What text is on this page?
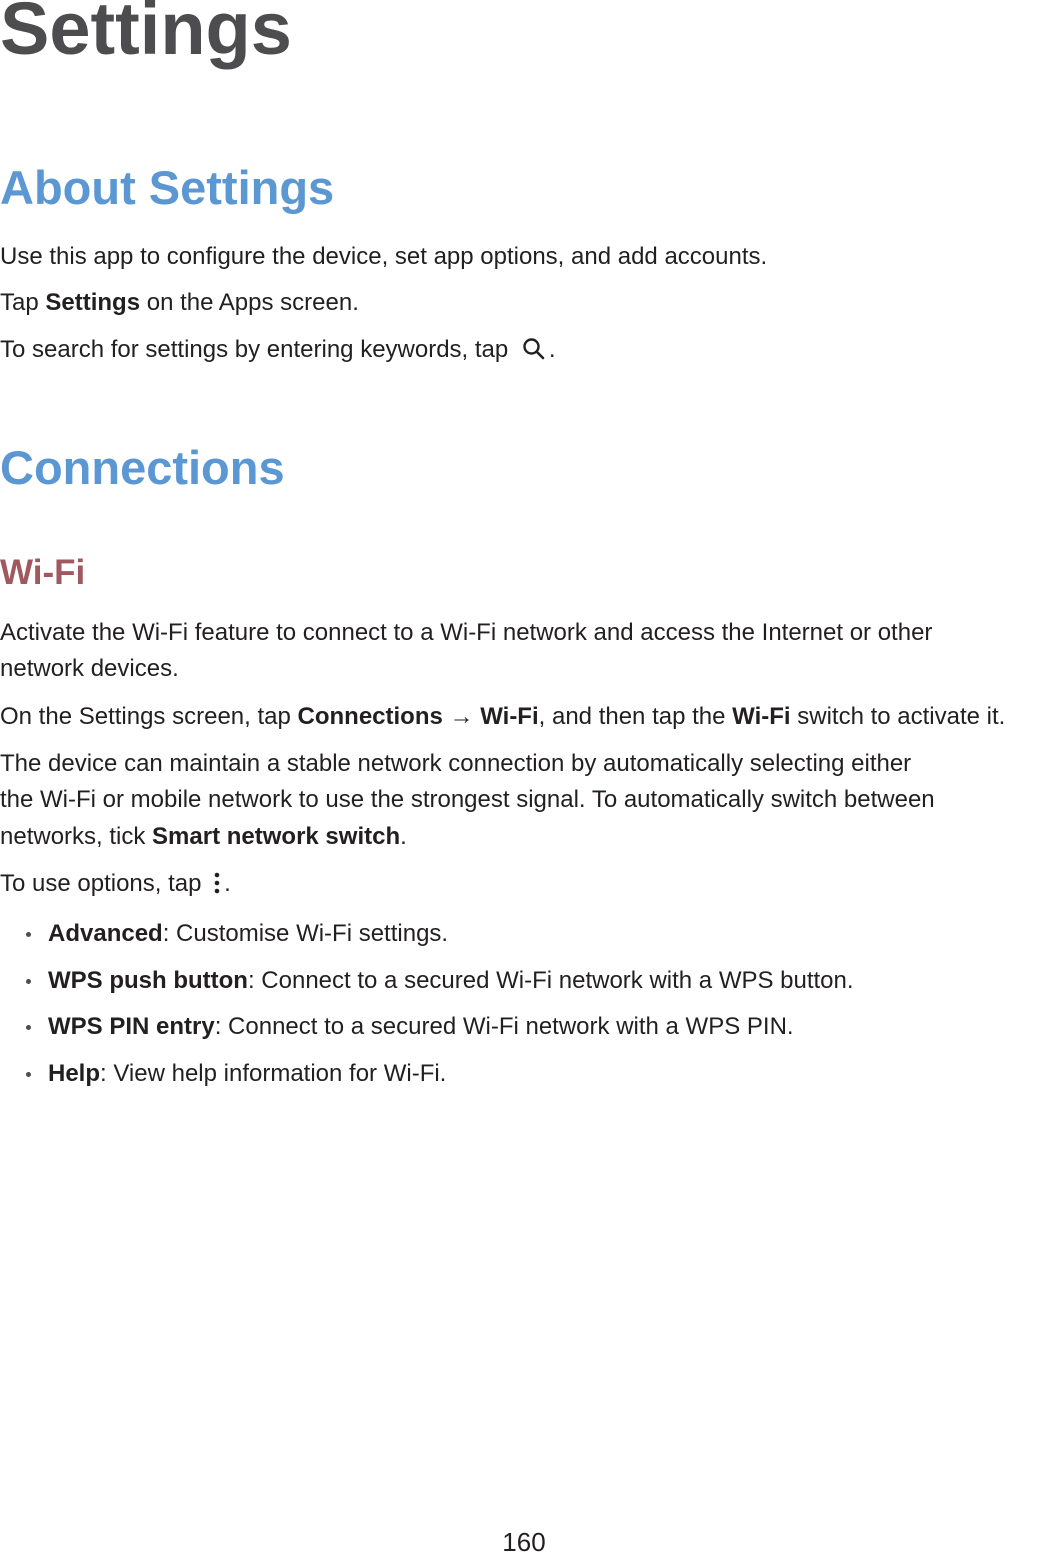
Settings
About Settings
Use this app to configure the device, set app options, and add accounts.
Tap Settings on the Apps screen.
To search for settings by entering keywords, tap .
Connections
Wi-Fi
Activate the Wi-Fi feature to connect to a Wi-Fi network and access the Internet or other
network devices.
On the Settings screen, tap Connections → Wi-Fi, and then tap the Wi-Fi switch to activate it.
The device can maintain a stable network connection by automatically selecting either
the Wi-Fi or mobile network to use the strongest signal. To automatically switch between
networks, tick Smart network switch.
To use options, tap .
Advanced: Customise Wi-Fi settings.
WPS push button: Connect to a secured Wi-Fi network with a WPS button.
WPS PIN entry: Connect to a secured Wi-Fi network with a WPS PIN.
Help: View help information for Wi-Fi.
160
